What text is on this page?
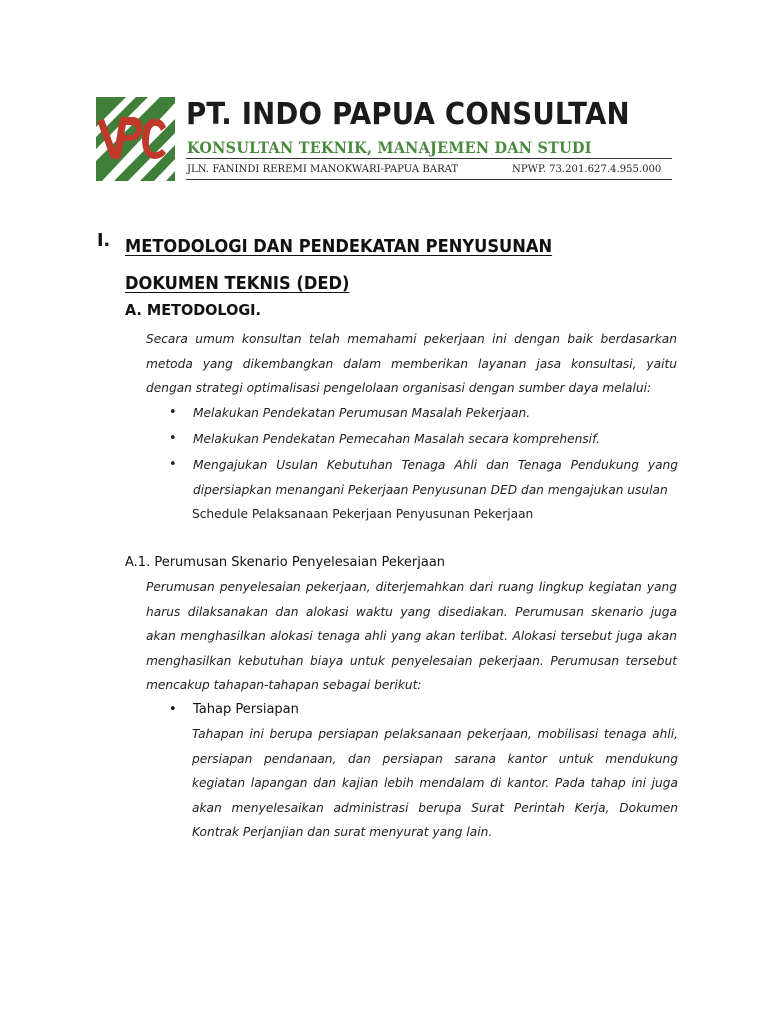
PT. INDO PAPUA CONSULTAN
KONSULTAN TEKNIK, MANAJEMEN DAN STUDI
JLN. FANINDI REREMI MANOKWARI-PAPUA BARAT	NPWP. 73.201.627.4.955.000
I. METODOLOGI DAN PENDEKATAN PENYUSUNAN
DOKUMEN TEKNIS (DED)
A. METODOLOGI.
Secara umum konsultan telah memahami pekerjaan ini dengan baik berdasarkan metoda yang dikembangkan dalam memberikan layanan jasa konsultasi, yaitu dengan strategi optimalisasi pengelolaan organisasi dengan sumber daya melalui:
• Melakukan Pendekatan Perumusan Masalah Pekerjaan.
• Melakukan Pendekatan Pemecahan Masalah secara komprehensif.
• Mengajukan Usulan Kebutuhan Tenaga Ahli dan Tenaga Pendukung yang dipersiapkan menangani Pekerjaan Penyusunan DED dan mengajukan usulan
Schedule Pelaksanaan Pekerjaan Penyusunan Pekerjaan
A.1. Perumusan Skenario Penyelesaian Pekerjaan
Perumusan penyelesaian pekerjaan, diterjemahkan dari ruang lingkup kegiatan yang harus dilaksanakan dan alokasi waktu yang disediakan. Perumusan skenario juga akan menghasilkan alokasi tenaga ahli yang akan terlibat. Alokasi tersebut juga akan menghasilkan kebutuhan biaya untuk penyelesaian pekerjaan. Perumusan tersebut mencakup tahapan-tahapan sebagai berikut:
• Tahap Persiapan
Tahapan ini berupa persiapan pelaksanaan pekerjaan, mobilisasi tenaga ahli, persiapan pendanaan, dan persiapan sarana kantor untuk mendukung kegiatan lapangan dan kajian lebih mendalam di kantor. Pada tahap ini juga akan menyelesaikan administrasi berupa Surat Perintah Kerja, Dokumen Kontrak Perjanjian dan surat menyurat yang lain.
